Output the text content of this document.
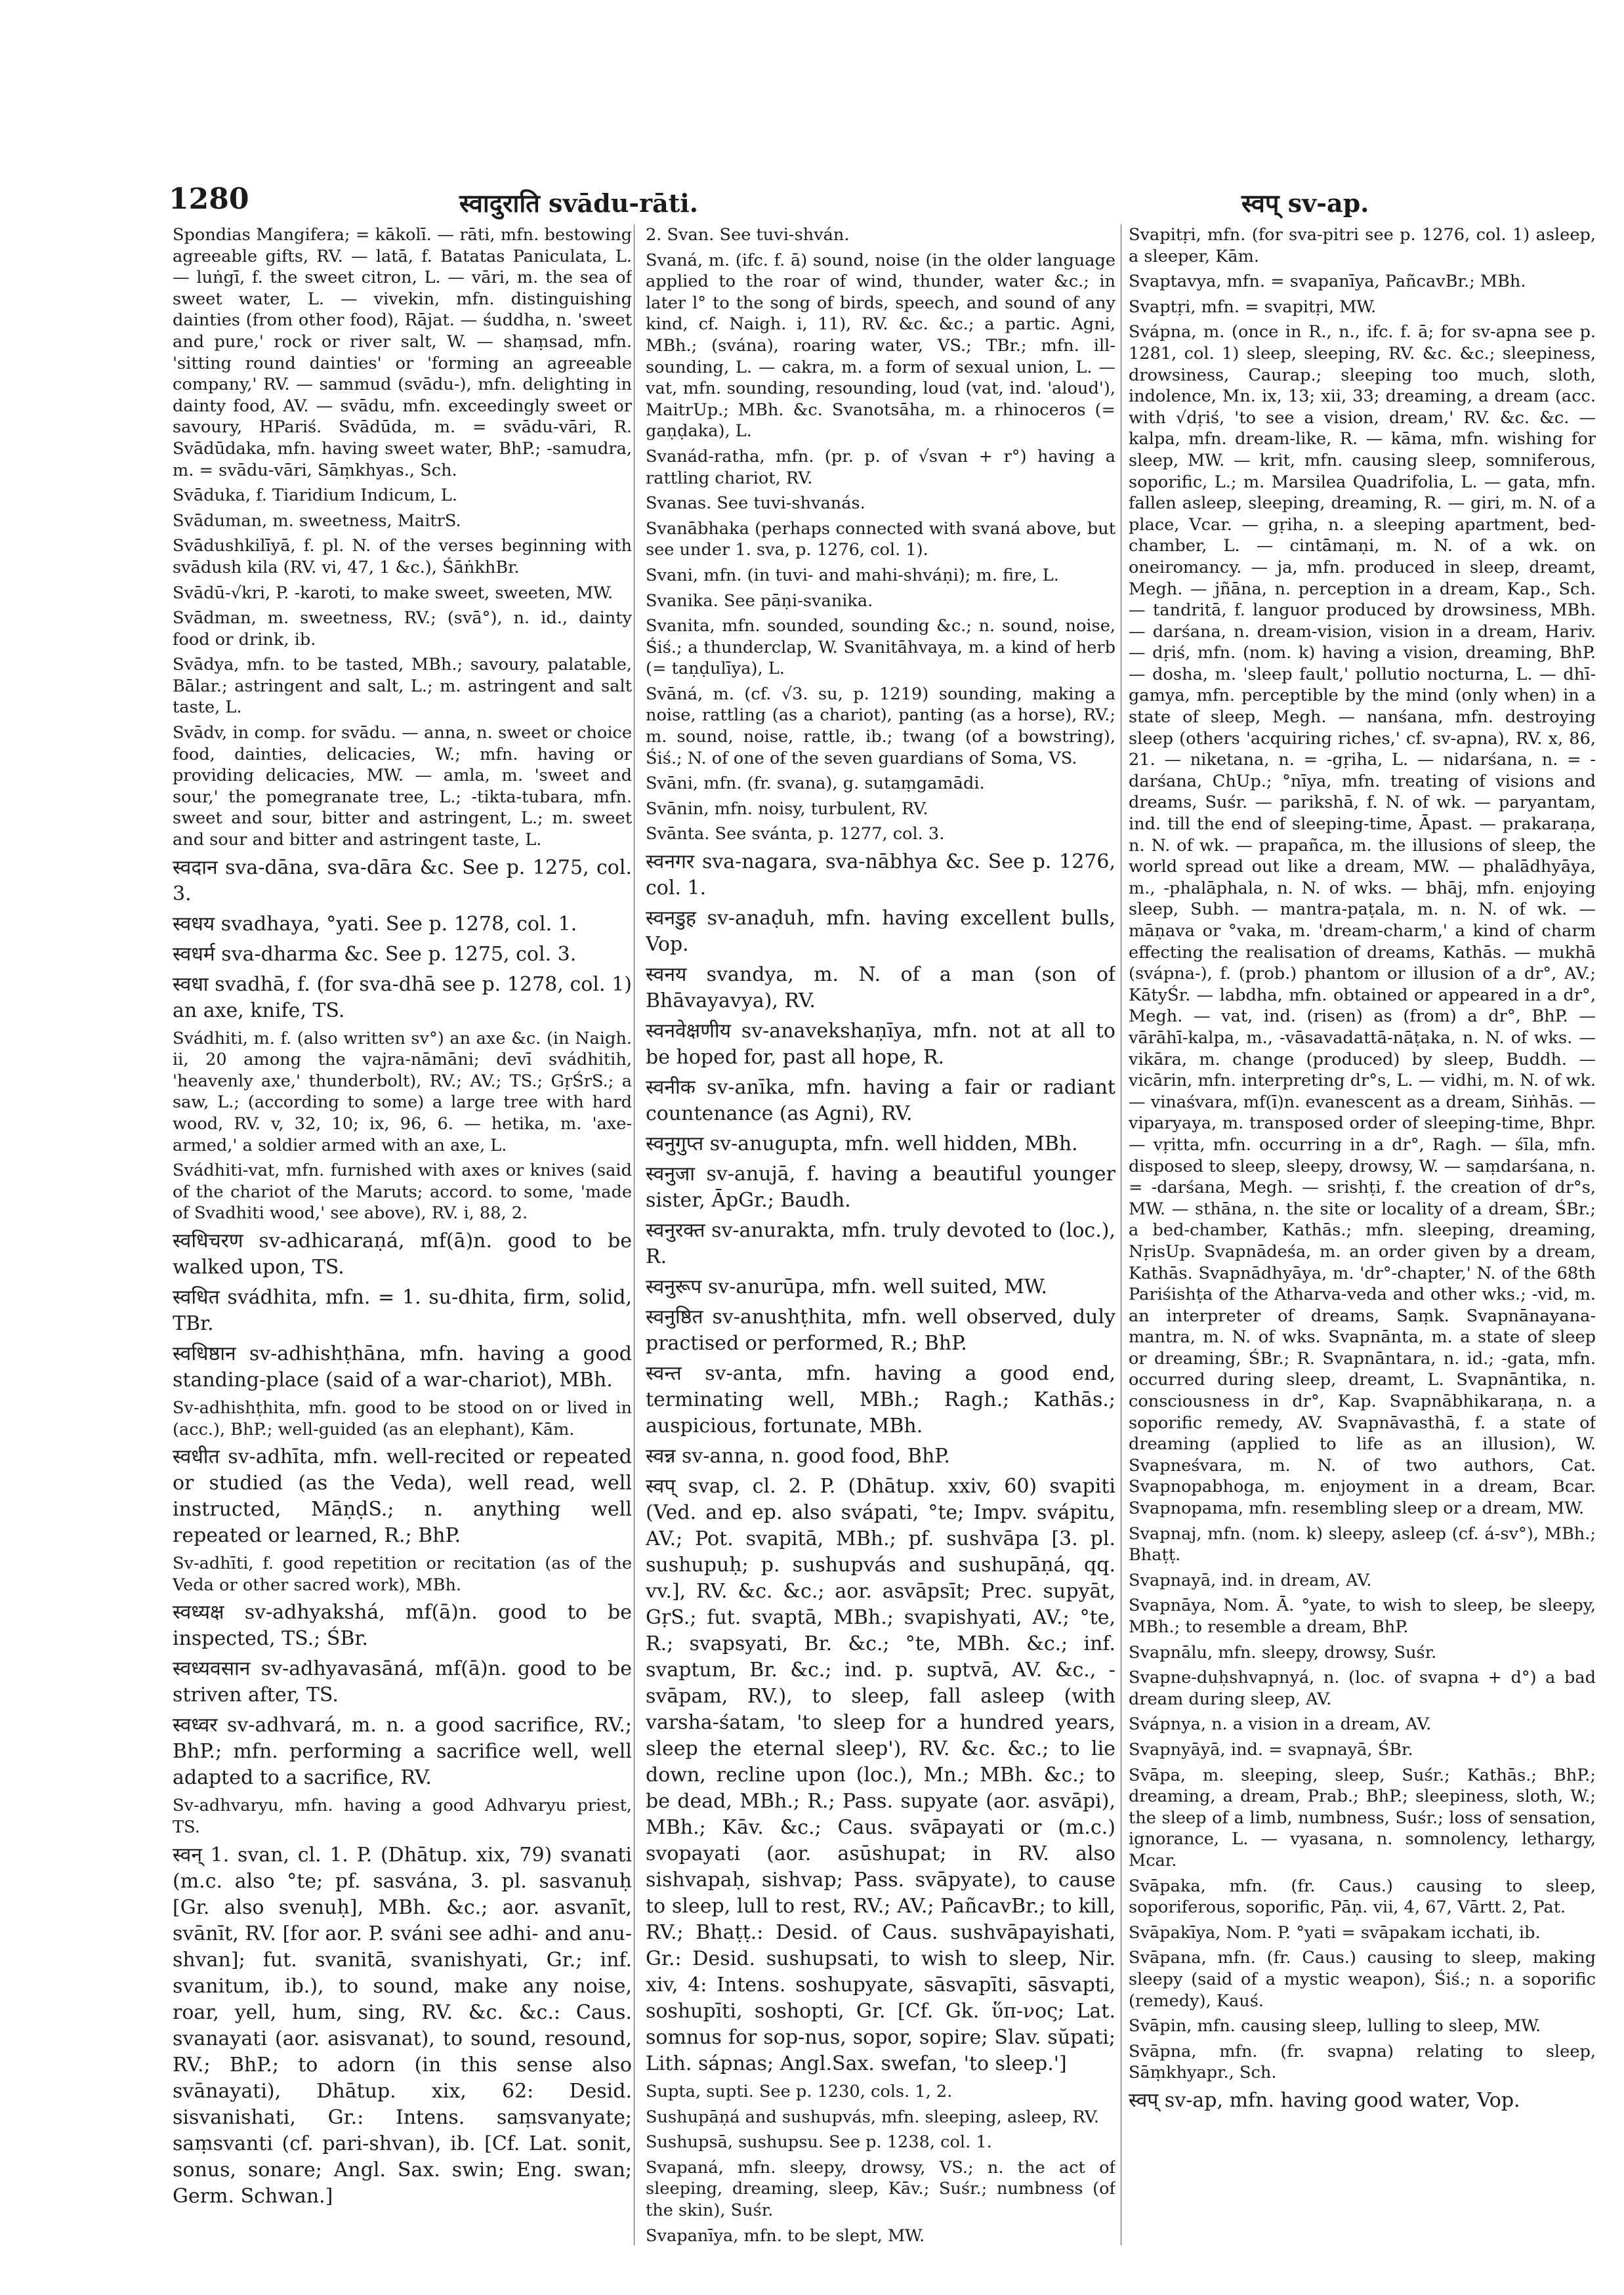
1280	स्वादुराति svādu-rāti.	स्वप् sv-ap.

Spondias Mangifera; = kākolī. — rāti, mfn. bestowing agreeable gifts, RV. — latā, f. Batatas Paniculata, L. — luṅgī, f. the sweet citron, L. — vāri, m. the sea of sweet water, L. — vivekin, mfn. distinguishing dainties (from other food), Rājat. — śuddha, n. 'sweet and pure,' rock or river salt, W. — shaṃsad, mfn. 'sitting round dainties' or 'forming an agreeable company,' RV. — sammud (svādu-), mfn. delighting in dainty food, AV. — svādu, mfn. exceedingly sweet or savoury, HPariś. Svādūda, m. = svādu-vāri, R. Svādūdaka, mfn. having sweet water, BhP.; -samudra, m. = svādu-vāri, Sāṃkhyas., Sch.

Svāduka, f. Tiaridium Indicum, L.

Svāduman, m. sweetness, MaitrS.

Svādushkilīyā, f. pl. N. of the verses beginning with svādush kila (RV. vi, 47, 1 &c.), ŚāṅkhBr.

Svādū-√kri, P. -karoti, to make sweet, sweeten, MW.

Svādman, m. sweetness, RV.; (svā°), n. id., dainty food or drink, ib.

Svādya, mfn. to be tasted, MBh.; savoury, palatable, Bālar.; astringent and salt, L.; m. astringent and salt taste, L.

Svādv, in comp. for svādu. — anna, n. sweet or choice food, dainties, delicacies, W.; mfn. having or providing delicacies, MW. — amla, m. 'sweet and sour,' the pomegranate tree, L.; -tikta-tubara, mfn. sweet and sour, bitter and astringent, L.; m. sweet and sour and bitter and astringent taste, L.

स्वदान sva-dāna, sva-dāra &c. See p. 1275, col. 3.

स्वधय svadhaya, °yati. See p. 1278, col. 1.

स्वधर्म sva-dharma &c. See p. 1275, col. 3.

स्वधा svadhā, f. (for sva-dhā see p. 1278, col. 1) an axe, knife, TS.

Svádhiti, m. f. (also written sv°) an axe &c. (in Naigh. ii, 20 among the vajra-nāmāni; devī svádhitih, 'heavenly axe,' thunderbolt), RV.; AV.; TS.; GṛŚrS.; a saw, L.; (according to some) a large tree with hard wood, RV. v, 32, 10; ix, 96, 6. — hetika, m. 'axe-armed,' a soldier armed with an axe, L.

Svádhiti-vat, mfn. furnished with axes or knives (said of the chariot of the Maruts; accord. to some, 'made of Svadhiti wood,' see above), RV. i, 88, 2.

स्वधिचरण sv-adhicaraṇá, mf(ā)n. good to be walked upon, TS.

स्वधित svádhita, mfn. = 1. su-dhita, firm, solid, TBr.

स्वधिष्ठान sv-adhishṭhāna, mfn. having a good standing-place (said of a war-chariot), MBh.

Sv-adhishṭhita, mfn. good to be stood on or lived in (acc.), BhP.; well-guided (as an elephant), Kām.

स्वधीत sv-adhīta, mfn. well-recited or repeated or studied (as the Veda), well read, well instructed, MāṇḍS.; n. anything well repeated or learned, R.; BhP.

Sv-adhīti, f. good repetition or recitation (as of the Veda or other sacred work), MBh.

स्वध्यक्ष sv-adhyakshá, mf(ā)n. good to be inspected, TS.; ŚBr.

स्वध्यवसान sv-adhyavasāná, mf(ā)n. good to be striven after, TS.

स्वध्वर sv-adhvará, m. n. a good sacrifice, RV.; BhP.; mfn. performing a sacrifice well, well adapted to a sacrifice, RV.

Sv-adhvaryu, mfn. having a good Adhvaryu priest, TS.

स्वन् 1. svan, cl. 1. P. (Dhātup. xix, 79) svanati (m.c. also °te; pf. sasvána, 3. pl. sasvanuḥ [Gr. also svenuḥ], MBh. &c.; aor. asvanīt, svānīt, RV. [for aor. P. sváni see adhi- and anu-shvan]; fut. svanitā, svanishyati, Gr.; inf. svanitum, ib.), to sound, make any noise, roar, yell, hum, sing, RV. &c. &c.: Caus. svanayati (aor. asisvanat), to sound, resound, RV.; BhP.; to adorn (in this sense also svānayati), Dhātup. xix, 62: Desid. sisvanishati, Gr.: Intens. saṃsvanyate; saṃsvanti (cf. pari-shvan), ib. [Cf. Lat. sonit, sonus, sonare; Angl. Sax. swin; Eng. swan; Germ. Schwan.]

2. Svan. See tuvi-shván.

Svaná, m. (ifc. f. ā) sound, noise (in the older language applied to the roar of wind, thunder, water &c.; in later l° to the song of birds, speech, and sound of any kind, cf. Naigh. i, 11), RV. &c. &c.; a partic. Agni, MBh.; (svána), roaring water, VS.; TBr.; mfn. ill-sounding, L. — cakra, m. a form of sexual union, L. — vat, mfn. sounding, resounding, loud (vat, ind. 'aloud'), MaitrUp.; MBh. &c. Svanotsāha, m. a rhinoceros (= gaṇḍaka), L.

Svanád-ratha, mfn. (pr. p. of √svan + r°) having a rattling chariot, RV.

Svanas. See tuvi-shvanás.

Svanābhaka (perhaps connected with svaná above, but see under 1. sva, p. 1276, col. 1).

Svani, mfn. (in tuvi- and mahi-shváṇi); m. fire, L.

Svanika. See pāṇi-svanika.

Svanita, mfn. sounded, sounding &c.; n. sound, noise, Śiś.; a thunderclap, W. Svanitāhvaya, m. a kind of herb (= taṇḍulīya), L.

Svāná, m. (cf. √3. su, p. 1219) sounding, making a noise, rattling (as a chariot), panting (as a horse), RV.; m. sound, noise, rattle, ib.; twang (of a bowstring), Śiś.; N. of one of the seven guardians of Soma, VS.

Svāni, mfn. (fr. svana), g. sutaṃgamādi.

Svānin, mfn. noisy, turbulent, RV.

Svānta. See svánta, p. 1277, col. 3.

स्वनगर sva-nagara, sva-nābhya &c. See p. 1276, col. 1.

स्वनडुह sv-anaḍuh, mfn. having excellent bulls, Vop.

स्वनय svandya, m. N. of a man (son of Bhāvayavya), RV.

स्वनवेक्षणीय sv-anavekshaṇīya, mfn. not at all to be hoped for, past all hope, R.

स्वनीक sv-anīka, mfn. having a fair or radiant countenance (as Agni), RV.

स्वनुगुप्त sv-anugupta, mfn. well hidden, MBh.

स्वनुजा sv-anujā, f. having a beautiful younger sister, ĀpGr.; Baudh.

स्वनुरक्त sv-anurakta, mfn. truly devoted to (loc.), R.

स्वनुरूप sv-anurūpa, mfn. well suited, MW.

स्वनुष्ठित sv-anushṭhita, mfn. well observed, duly practised or performed, R.; BhP.

स्वन्त sv-anta, mfn. having a good end, terminating well, MBh.; Ragh.; Kathās.; auspicious, fortunate, MBh.

स्वन्न sv-anna, n. good food, BhP.

स्वप् svap, cl. 2. P. (Dhātup. xxiv, 60) svapiti (Ved. and ep. also svápati, °te; Impv. svápitu, AV.; Pot. svapitā, MBh.; pf. sushvāpa [3. pl. sushupuḥ; p. sushupvás and sushupāṇá, qq. vv.], RV. &c. &c.; aor. asvāpsīt; Prec. supyāt, GṛS.; fut. svaptā, MBh.; svapishyati, AV.; °te, R.; svapsyati, Br. &c.; °te, MBh. &c.; inf. svaptum, Br. &c.; ind. p. suptvā, AV. &c., -svāpam, RV.), to sleep, fall asleep (with varsha-śatam, 'to sleep for a hundred years, sleep the eternal sleep'), RV. &c. &c.; to lie down, recline upon (loc.), Mn.; MBh. &c.; to be dead, MBh.; R.; Pass. supyate (aor. asvāpi), MBh.; Kāv. &c.; Caus. svāpayati or (m.c.) svopayati (aor. asūshupat; in RV. also sishvapaḥ, sishvap; Pass. svāpyate), to cause to sleep, lull to rest, RV.; AV.; PañcavBr.; to kill, RV.; Bhaṭṭ.: Desid. of Caus. sushvāpayishati, Gr.: Desid. sushupsati, to wish to sleep, Nir. xiv, 4: Intens. soshupyate, sāsvapīti, sāsvapti, soshupīti, soshopti, Gr. [Cf. Gk. ὕπ-νος; Lat. somnus for sop-nus, sopor, sopire; Slav. sŭpati; Lith. sápnas; Angl.Sax. swefan, 'to sleep.']

Supta, supti. See p. 1230, cols. 1, 2.

Sushupāṇá and sushupvás, mfn. sleeping, asleep, RV.

Sushupsā, sushupsu. See p. 1238, col. 1.

Svapaná, mfn. sleepy, drowsy, VS.; n. the act of sleeping, dreaming, sleep, Kāv.; Suśr.; numbness (of the skin), Suśr.

Svapanīya, mfn. to be slept, MW.

Svapitṛi, mfn. (for sva-pitri see p. 1276, col. 1) asleep, a sleeper, Kām.

Svaptavya, mfn. = svapanīya, PañcavBr.; MBh.

Svaptṛi, mfn. = svapitṛi, MW.

Svápna, m. (once in R., n., ifc. f. ā; for sv-apna see p. 1281, col. 1) sleep, sleeping, RV. &c. &c.; sleepiness, drowsiness, Caurap.; sleeping too much, sloth, indolence, Mn. ix, 13; xii, 33; dreaming, a dream (acc. with √dṛiś, 'to see a vision, dream,' RV. &c. &c. — kalpa, mfn. dream-like, R. — kāma, mfn. wishing for sleep, MW. — krit, mfn. causing sleep, somniferous, soporific, L.; m. Marsilea Quadrifolia, L. — gata, mfn. fallen asleep, sleeping, dreaming, R. — giri, m. N. of a place, Vcar. — gṛiha, n. a sleeping apartment, bed-chamber, L. — cintāmaṇi, m. N. of a wk. on oneiromancy. — ja, mfn. produced in sleep, dreamt, Megh. — jñāna, n. perception in a dream, Kap., Sch. — tandritā, f. languor produced by drowsiness, MBh. — darśana, n. dream-vision, vision in a dream, Hariv. — dṛiś, mfn. (nom. k) having a vision, dreaming, BhP. — dosha, m. 'sleep fault,' pollutio nocturna, L. — dhī-gamya, mfn. perceptible by the mind (only when) in a state of sleep, Megh. — nanśana, mfn. destroying sleep (others 'acquiring riches,' cf. sv-apna), RV. x, 86, 21. — niketana, n. = -gṛiha, L. — nidarśana, n. = -darśana, ChUp.; °nīya, mfn. treating of visions and dreams, Suśr. — parikshā, f. N. of wk. — paryantam, ind. till the end of sleeping-time, Āpast. — prakaraṇa, n. N. of wk. — prapañca, m. the illusions of sleep, the world spread out like a dream, MW. — phalādhyāya, m., -phalāphala, n. N. of wks. — bhāj, mfn. enjoying sleep, Subh. — mantra-paṭala, m. n. N. of wk. — māṇava or °vaka, m. 'dream-charm,' a kind of charm effecting the realisation of dreams, Kathās. — mukhā (svápna-), f. (prob.) phantom or illusion of a dr°, AV.; KātyŚr. — labdha, mfn. obtained or appeared in a dr°, Megh. — vat, ind. (risen) as (from) a dr°, BhP. — vārāhī-kalpa, m., -vāsavadattā-nāṭaka, n. N. of wks. — vikāra, m. change (produced) by sleep, Buddh. — vicārin, mfn. interpreting dr°s, L. — vidhi, m. N. of wk. — vinaśvara, mf(ī)n. evanescent as a dream, Siṅhās. — viparyaya, m. transposed order of sleeping-time, Bhpr. — vṛitta, mfn. occurring in a dr°, Ragh. — śīla, mfn. disposed to sleep, sleepy, drowsy, W. — saṃdarśana, n. = -darśana, Megh. — srishṭi, f. the creation of dr°s, MW. — sthāna, n. the site or locality of a dream, ŚBr.; a bed-chamber, Kathās.; mfn. sleeping, dreaming, NṛisUp. Svapnādeśa, m. an order given by a dream, Kathās. Svapnādhyāya, m. 'dr°-chapter,' N. of the 68th Pariśishṭa of the Atharva-veda and other wks.; -vid, m. an interpreter of dreams, Saṃk. Svapnānayana-mantra, m. N. of wks. Svapnānta, m. a state of sleep or dreaming, ŚBr.; R. Svapnāntara, n. id.; -gata, mfn. occurred during sleep, dreamt, L. Svapnāntika, n. consciousness in dr°, Kap. Svapnābhikaraṇa, n. a soporific remedy, AV. Svapnāvasthā, f. a state of dreaming (applied to life as an illusion), W. Svapneśvara, m. N. of two authors, Cat. Svapnopabhoga, m. enjoyment in a dream, Bcar. Svapnopama, mfn. resembling sleep or a dream, MW.

Svapnaj, mfn. (nom. k) sleepy, asleep (cf. á-sv°), MBh.; Bhaṭṭ.

Svapnayā, ind. in dream, AV.

Svapnāya, Nom. Ā. °yate, to wish to sleep, be sleepy, MBh.; to resemble a dream, BhP.

Svapnālu, mfn. sleepy, drowsy, Suśr.

Svapne-duḥshvapnyá, n. (loc. of svapna + d°) a bad dream during sleep, AV.

Svápnya, n. a vision in a dream, AV.

Svapnyāyā, ind. = svapnayā, ŚBr.

Svāpa, m. sleeping, sleep, Suśr.; Kathās.; BhP.; dreaming, a dream, Prab.; BhP.; sleepiness, sloth, W.; the sleep of a limb, numbness, Suśr.; loss of sensation, ignorance, L. — vyasana, n. somnolency, lethargy, Mcar.

Svāpaka, mfn. (fr. Caus.) causing to sleep, soporiferous, soporific, Pāṇ. vii, 4, 67, Vārtt. 2, Pat.

Svāpakīya, Nom. P. °yati = svāpakam icchati, ib.

Svāpana, mfn. (fr. Caus.) causing to sleep, making sleepy (said of a mystic weapon), Śiś.; n. a soporific (remedy), Kauś.

Svāpin, mfn. causing sleep, lulling to sleep, MW.

Svāpna, mfn. (fr. svapna) relating to sleep, Sāṃkhyapr., Sch.

स्वप् sv-ap, mfn. having good water, Vop.
